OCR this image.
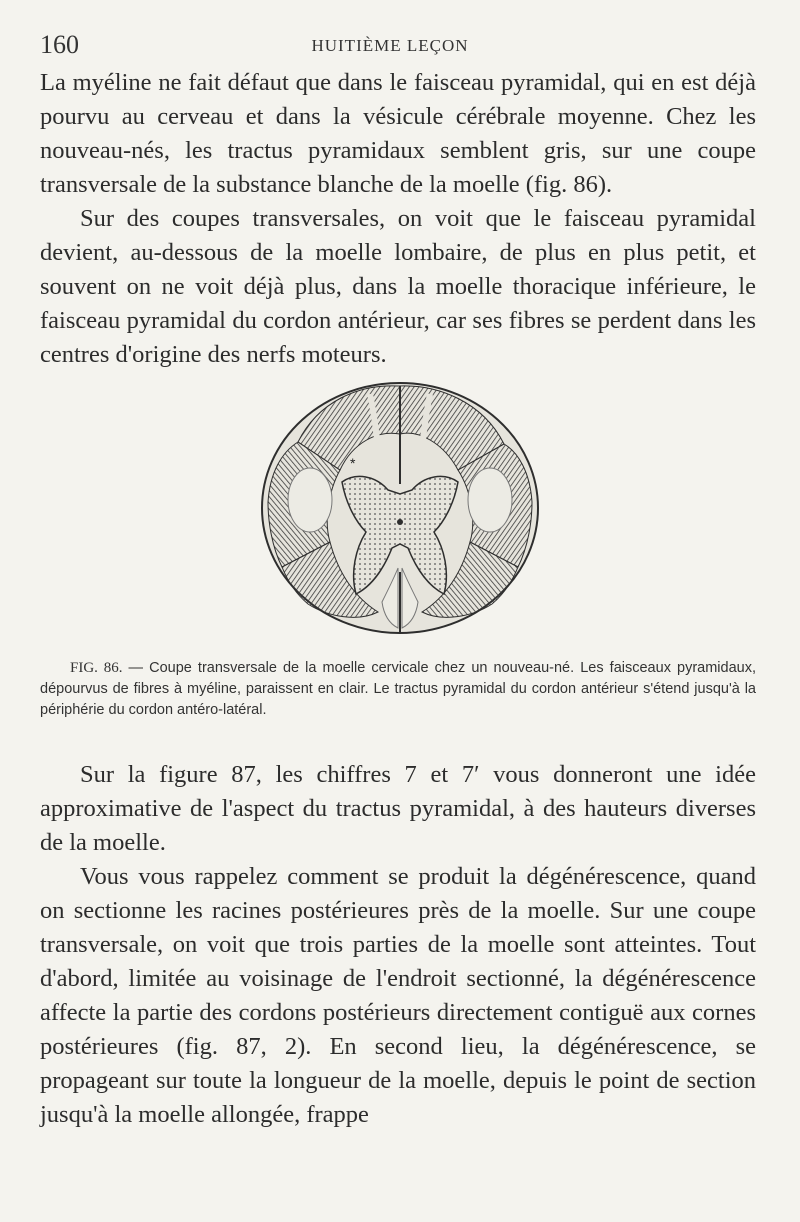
160	HUITIÈME LEÇON

La myéline ne fait défaut que dans le faisceau pyramidal, qui en est déjà pourvu au cerveau et dans la vésicule cérébrale moyenne. Chez les nouveau-nés, les tractus pyramidaux semblent gris, sur une coupe transversale de la substance blanche de la moelle (fig. 86).

Sur des coupes transversales, on voit que le faisceau pyramidal devient, au-dessous de la moelle lombaire, de plus en plus petit, et souvent on ne voit déjà plus, dans la moelle thoracique inférieure, le faisceau pyramidal du cordon antérieur, car ses fibres se perdent dans les centres d'origine des nerfs moteurs.

*
FIG. 86. — Coupe transversale de la moelle cervicale chez un nouveau-né. Les faisceaux pyramidaux, dépourvus de fibres à myéline, paraissent en clair. Le tractus pyramidal du cordon antérieur s'étend jusqu'à la périphérie du cordon antéro-latéral.

Sur la figure 87, les chiffres 7 et 7′ vous donneront une idée approximative de l'aspect du tractus pyramidal, à des hauteurs diverses de la moelle.

Vous vous rappelez comment se produit la dégénérescence, quand on sectionne les racines postérieures près de la moelle. Sur une coupe transversale, on voit que trois parties de la moelle sont atteintes. Tout d'abord, limitée au voisinage de l'endroit sectionné, la dégénérescence affecte la partie des cordons postérieurs directement contiguë aux cornes postérieures (fig. 87, 2). En second lieu, la dégénérescence, se propageant sur toute la longueur de la moelle, depuis le point de section jusqu'à la moelle allongée, frappe
